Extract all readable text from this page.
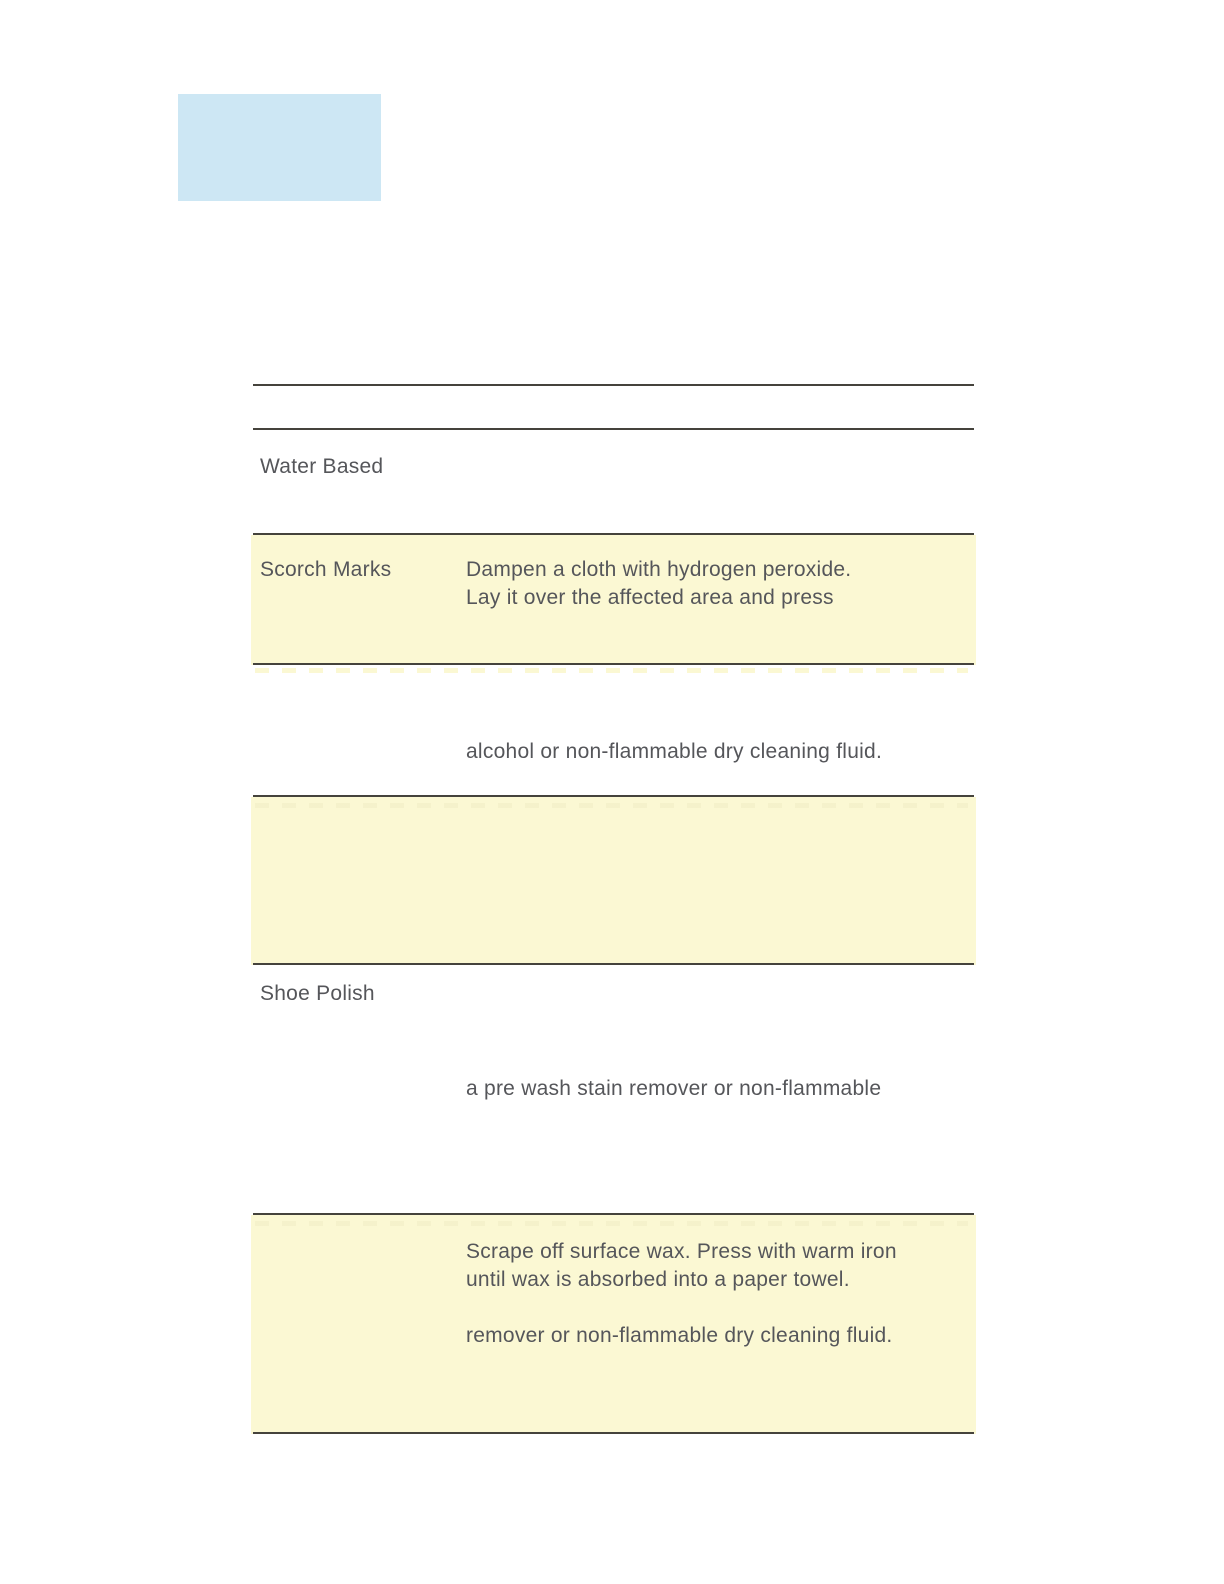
Water Based
Scorch Marks	Dampen a cloth with hydrogen peroxide.
Lay it over the affected area and press
alcohol or non-flammable dry cleaning fluid.
Shoe Polish
a pre wash stain remover or non-flammable
Scrape off surface wax. Press with warm iron
until wax is absorbed into a paper towel.
remover or non-flammable dry cleaning fluid.
